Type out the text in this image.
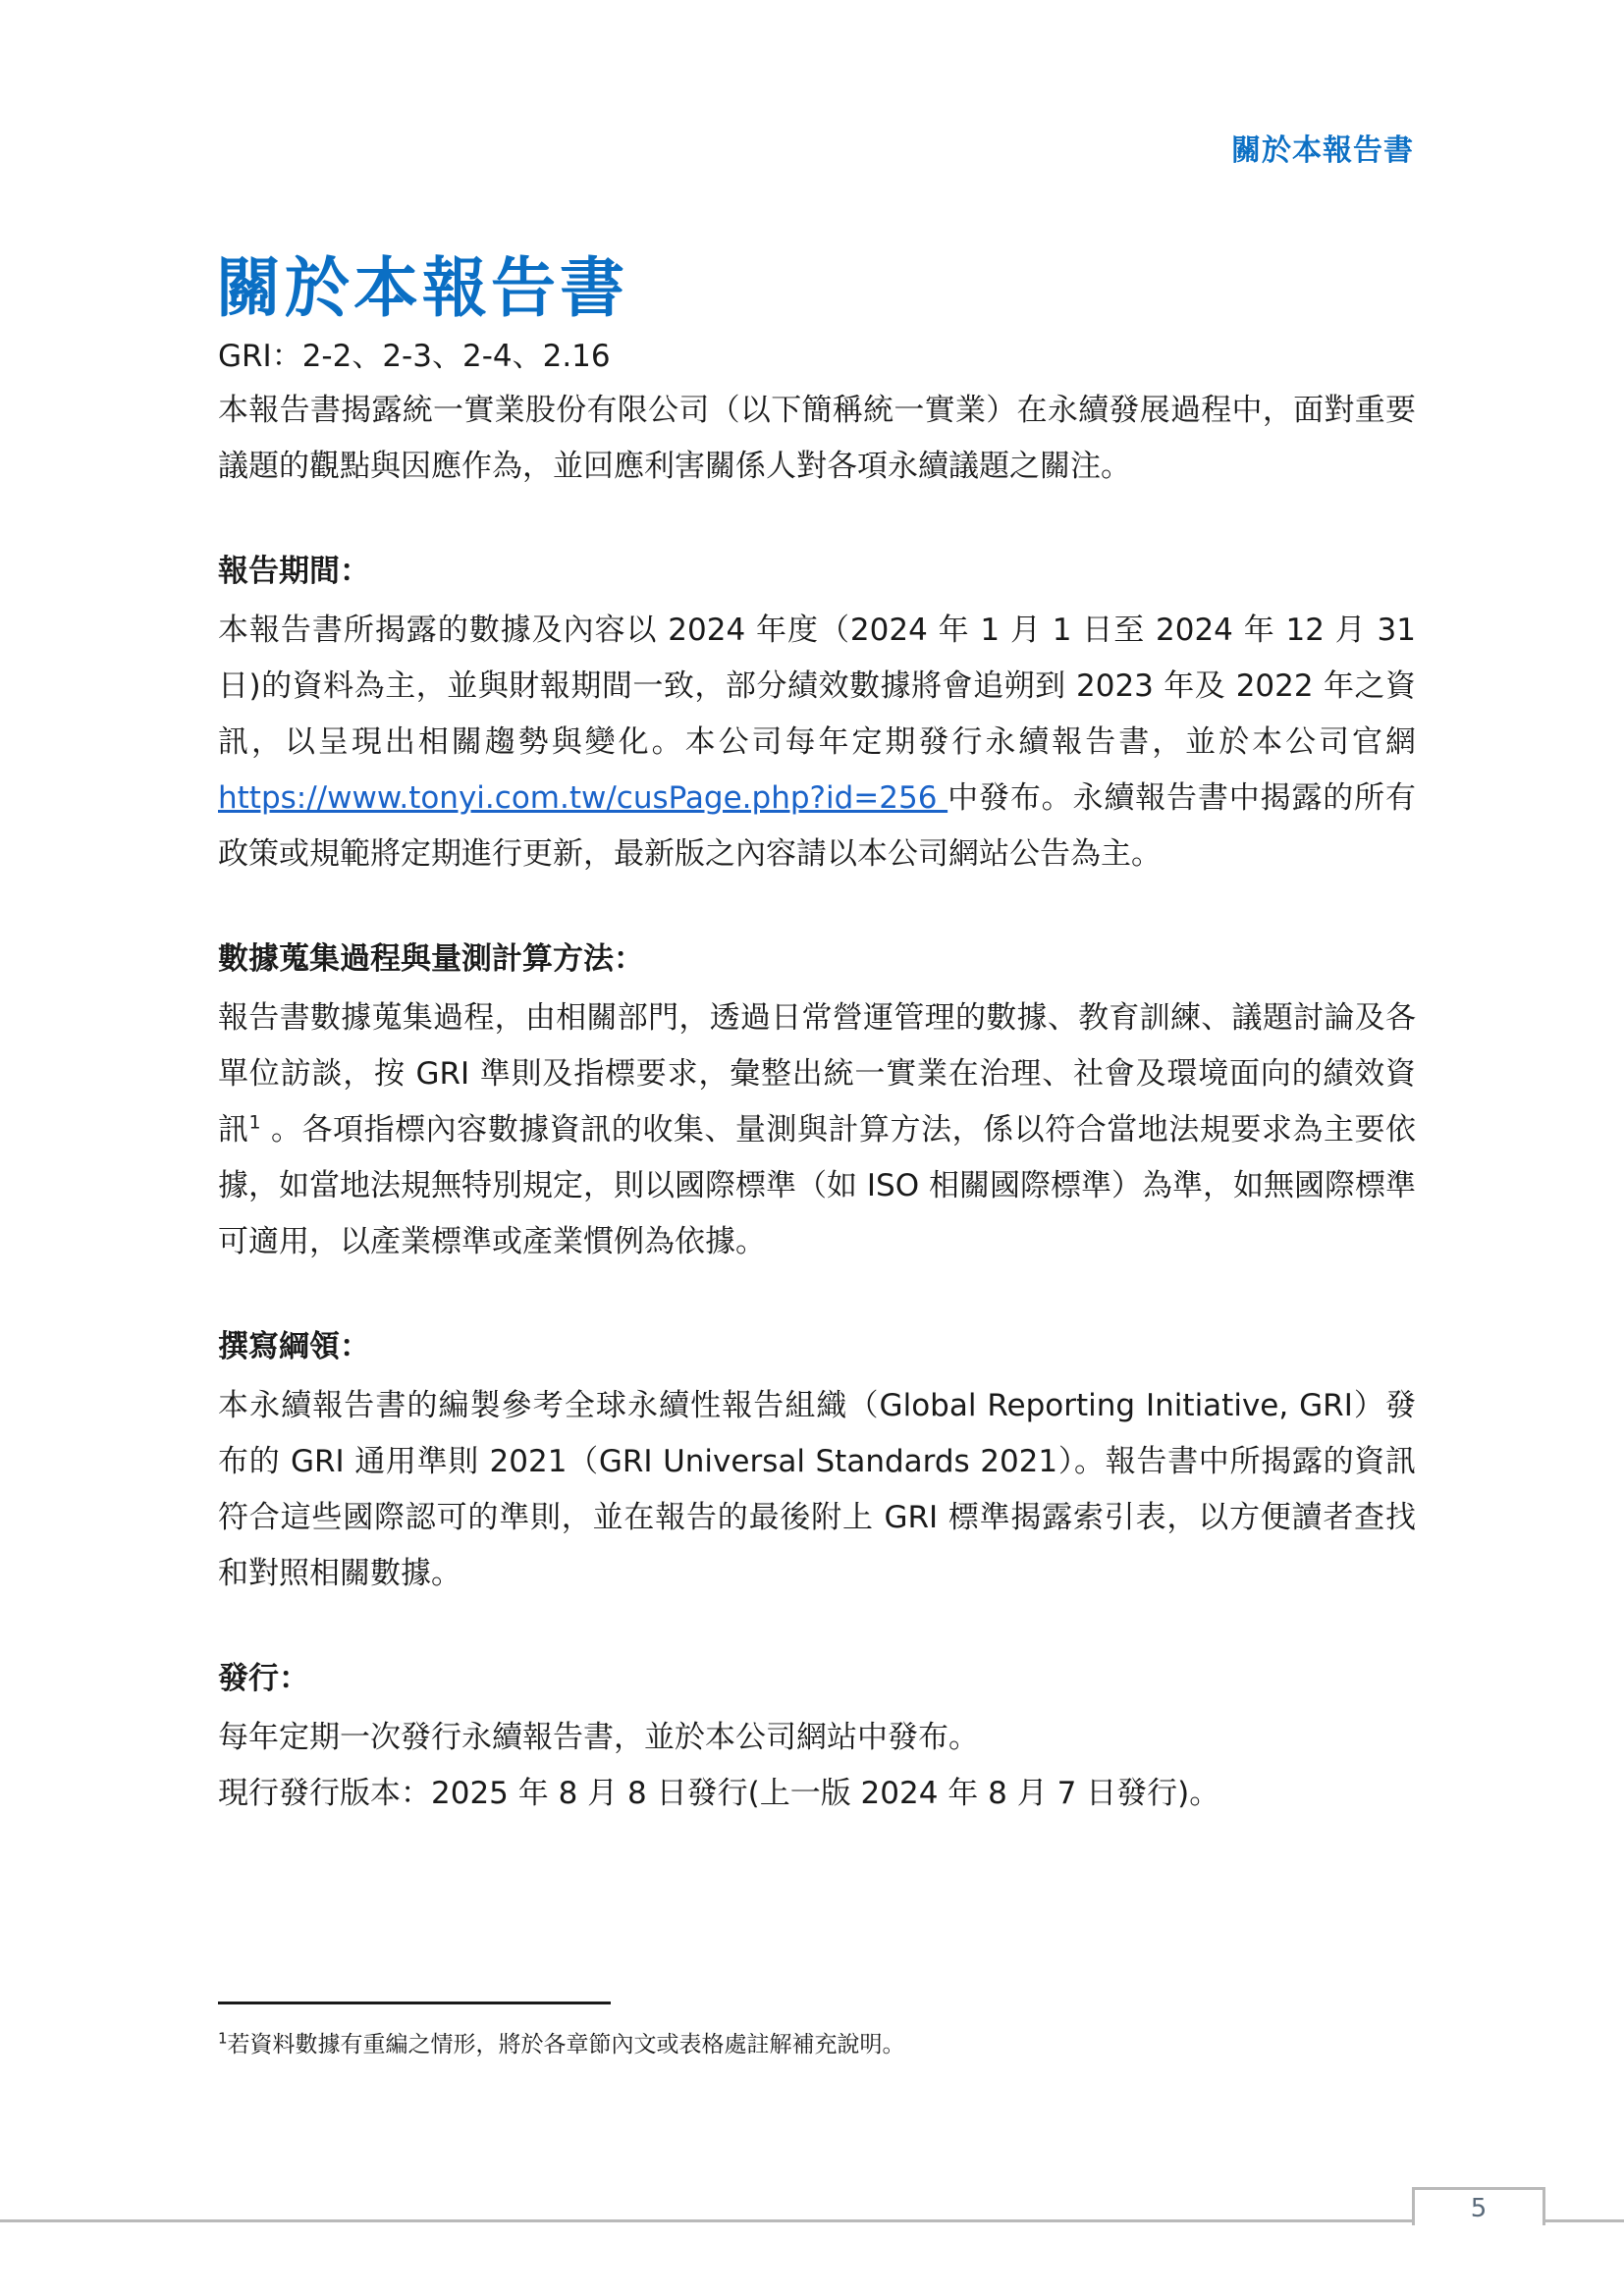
關於本報告書
關於本報告書

GRI：2-2、2-3、2-4、2.16

本報告書揭露統一實業股份有限公司（以下簡稱統一實業）在永續發展過程中，面對重要議題的觀點與因應作為，並回應利害關係人對各項永續議題之關注。

報告期間：

本報告書所揭露的數據及內容以 2024 年度（2024 年 1 月 1 日至 2024 年 12 月 31 日)的資料為主，並與財報期間一致，部分績效數據將會追朔到 2023 年及 2022 年之資訊，以呈現出相關趨勢與變化。本公司每年定期發行永續報告書，並於本公司官網 https://www.tonyi.com.tw/cusPage.php?id=256 中發布。永續報告書中揭露的所有政策或規範將定期進行更新，最新版之內容請以本公司網站公告為主。

數據蒐集過程與量測計算方法：

報告書數據蒐集過程，由相關部門，透過日常營運管理的數據、教育訓練、議題討論及各單位訪談，按 GRI 準則及指標要求，彙整出統一實業在治理、社會及環境面向的績效資訊$^1$ 。各項指標內容數據資訊的收集、量測與計算方法，係以符合當地法規要求為主要依據，如當地法規無特別規定，則以國際標準（如 ISO 相關國際標準）為準，如無國際標準可適用，以產業標準或產業慣例為依據。

撰寫綱領：

本永續報告書的編製參考全球永續性報告組織（Global Reporting Initiative, GRI）發布的 GRI 通用準則 2021（GRI Universal Standards 2021）。報告書中所揭露的資訊符合這些國際認可的準則，並在報告的最後附上 GRI 標準揭露索引表，以方便讀者查找和對照相關數據。

發行：

每年定期一次發行永續報告書，並於本公司網站中發布。

現行發行版本：2025 年 8 月 8 日發行(上一版 2024 年 8 月 7 日發行)。

$^1$若資料數據有重編之情形，將於各章節內文或表格處註解補充說明。
5
